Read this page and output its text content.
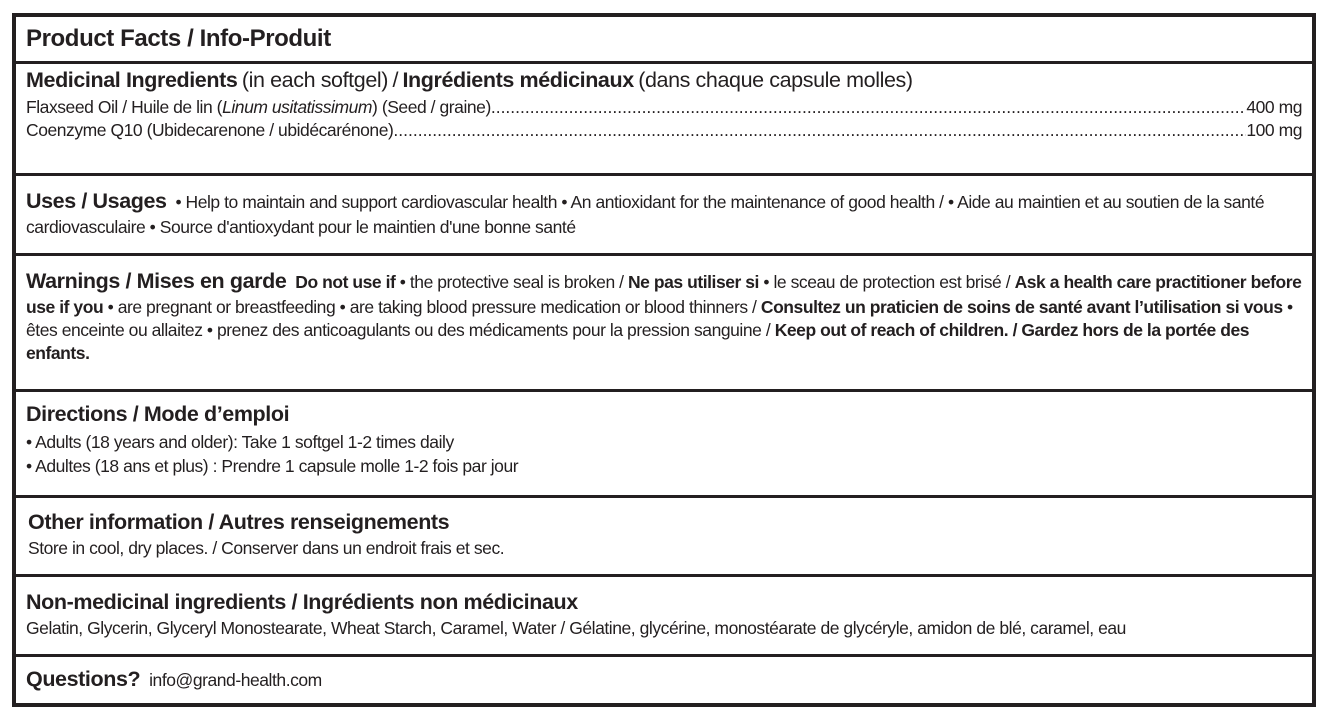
Product Facts / Info-Produit
Medicinal Ingredients (in each softgel) / Ingrédients médicinaux (dans chaque capsule molles)
Flaxseed Oil / Huile de lin (Linum usitatissimum) (Seed / graine) .....	400 mg
Coenzyme Q10 (Ubidecarenone / ubidécarénone) .....	100 mg

Uses / Usages • Help to maintain and support cardiovascular health • An antioxidant for the maintenance of good health / • Aide au maintien et au soutien de la santé cardiovasculaire • Source d'antioxydant pour le maintien d'une bonne santé

Warnings / Mises en garde Do not use if • the protective seal is broken / Ne pas utiliser si • le sceau de protection est brisé / Ask a health care practitioner before use if you • are pregnant or breastfeeding • are taking blood pressure medication or blood thinners / Consultez un praticien de soins de santé avant l’utilisation si vous • êtes enceinte ou allaitez • prenez des anticoagulants ou des médicaments pour la pression sanguine / Keep out of reach of children. / Gardez hors de la portée des enfants.

Directions / Mode d’emploi
• Adults (18 years and older): Take 1 softgel 1-2 times daily
• Adultes (18 ans et plus) : Prendre 1 capsule molle 1-2 fois par jour
Other information / Autres renseignements
Store in cool, dry places. / Conserver dans un endroit frais et sec.
Non-medicinal ingredients / Ingrédients non médicinaux
Gelatin, Glycerin, Glyceryl Monostearate, Wheat Starch, Caramel, Water / Gélatine, glycérine, monostéarate de glycéryle, amidon de blé, caramel, eau
Questions?
info@grand-health.com
